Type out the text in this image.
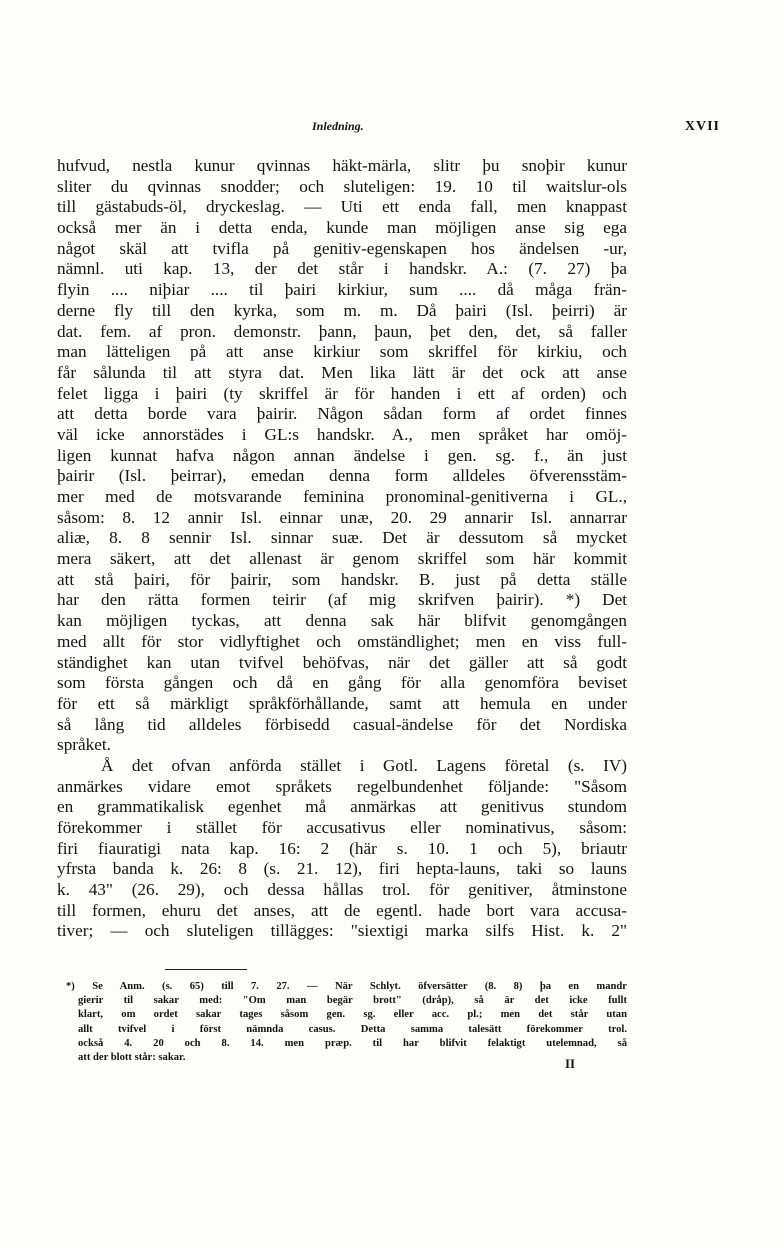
Inledning.	XVII
hufvud, nestla kunur qvinnas häkt-märla, slitr þu snoþir kunur
sliter du qvinnas snodder; och sluteligen: 19. 10 til waitslur-ols
till gästabuds-öl, dryckeslag. — Uti ett enda fall, men knappast
också mer än i detta enda, kunde man möjligen anse sig ega
något skäl att tvifla på genitiv-egenskapen hos ändelsen -ur,
nämnl. uti kap. 13, der det står i handskr. A.: (7. 27) þa
flyin .... niþiar .... til þairi kirkiur, sum .... då måga frän-
derne fly till den kyrka, som m. m. Då þairi (Isl. þeirri) är
dat. fem. af pron. demonstr. þann, þaun, þet den, det, så faller
man lätteligen på att anse kirkiur som skriffel för kirkiu, och
får sålunda til att styra dat. Men lika lätt är det ock att anse
felet ligga i þairi (ty skriffel är för handen i ett af orden) och
att detta borde vara þairir. Någon sådan form af ordet finnes
väl icke annorstädes i GL:s handskr. A., men språket har omöj-
ligen kunnat hafva någon annan ändelse i gen. sg. f., än just
þairir (Isl. þeirrar), emedan denna form alldeles öfverensstäm-
mer med de motsvarande feminina pronominal-genitiverna i GL.,
såsom: 8. 12 annir Isl. einnar unæ, 20. 29 annarir Isl. annarrar
aliæ, 8. 8 sennir Isl. sinnar suæ. Det är dessutom så mycket
mera säkert, att det allenast är genom skriffel som här kommit
att stå þairi, för þairir, som handskr. B. just på detta ställe
har den rätta formen teirir (af mig skrifven þairir). *) Det
kan möjligen tyckas, att denna sak här blifvit genomgången
med allt för stor vidlyftighet och omständlighet; men en viss full-
ständighet kan utan tvifvel behöfvas, när det gäller att så godt
som första gången och då en gång för alla genomföra beviset
för ett så märkligt språkförhållande, samt att hemula en under
så lång tid alldeles förbisedd casual-ändelse för det Nordiska
språket.
Å det ofvan anförda stället i Gotl. Lagens företal (s. IV)
anmärkes vidare emot språkets regelbundenhet följande: "Såsom
en grammatikalisk egenhet må anmärkas att genitivus stundom
förekommer i stället för accusativus eller nominativus, såsom:
firi fiauratigi nata kap. 16: 2 (här s. 10. 1 och 5), briautr
yfrsta banda k. 26: 8 (s. 21. 12), firi hepta-launs, taki so launs
k. 43" (26. 29), och dessa hållas trol. för genitiver, åtminstone
till formen, ehuru det anses, att de egentl. hade bort vara accusa-
tiver; — och sluteligen tillägges: "siextigi marka silfs Hist. k. 2"
*) Se Anm. (s. 65) till 7. 27. — När Schlyt. öfversätter (8. 8) þa en mandr
gierir til sakar med: "Om man begär brott" (dråp), så är det icke fullt
klart, om ordet sakar tages såsom gen. sg. eller acc. pl.; men det står utan
allt tvifvel i först nämnda casus. Detta samma talesätt förekommer trol.
också 4. 20 och 8. 14. men præp. til har blifvit felaktigt utelemnad, så
att der blott står: sakar.	II
